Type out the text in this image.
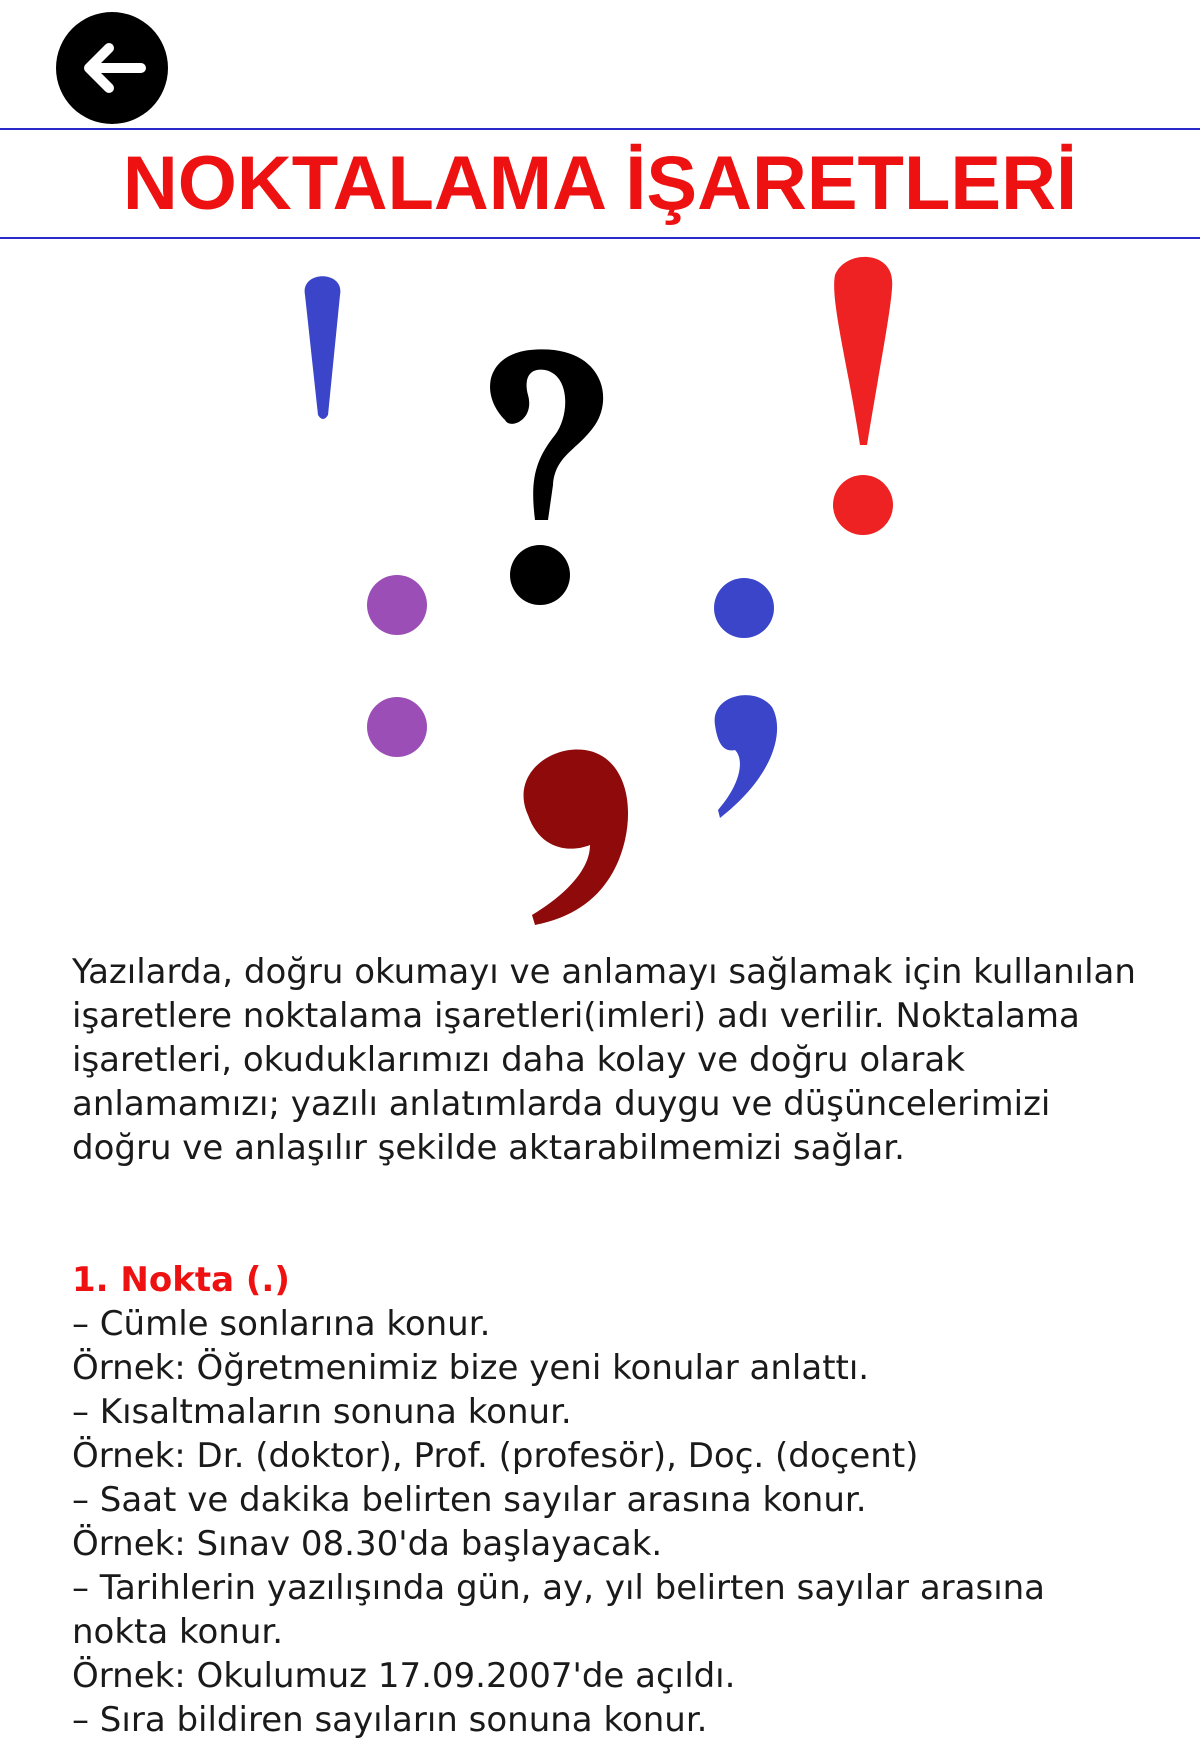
NOKTALAMA İŞARETLERİ

Yazılarda, doğru okumayı ve anlamayı sağlamak için kullanılan işaretlere noktalama işaretleri(imleri) adı verilir. Noktalama işaretleri, okuduklarımızı daha kolay ve doğru olarak anlamamızı; yazılı anlatımlarda duygu ve düşüncelerimizi doğru ve anlaşılır şekilde aktarabilmemizi sağlar.

1. Nokta (.)

– Cümle sonlarına konur.

Örnek: Öğretmenimiz bize yeni konular anlattı.

– Kısaltmaların sonuna konur.

Örnek: Dr. (doktor), Prof. (profesör), Doç. (doçent)

– Saat ve dakika belirten sayılar arasına konur.

Örnek: Sınav 08.30'da başlayacak.

– Tarihlerin yazılışında gün, ay, yıl belirten sayılar arasına nokta konur.

Örnek: Okulumuz 17.09.2007'de açıldı.

– Sıra bildiren sayıların sonuna konur.
